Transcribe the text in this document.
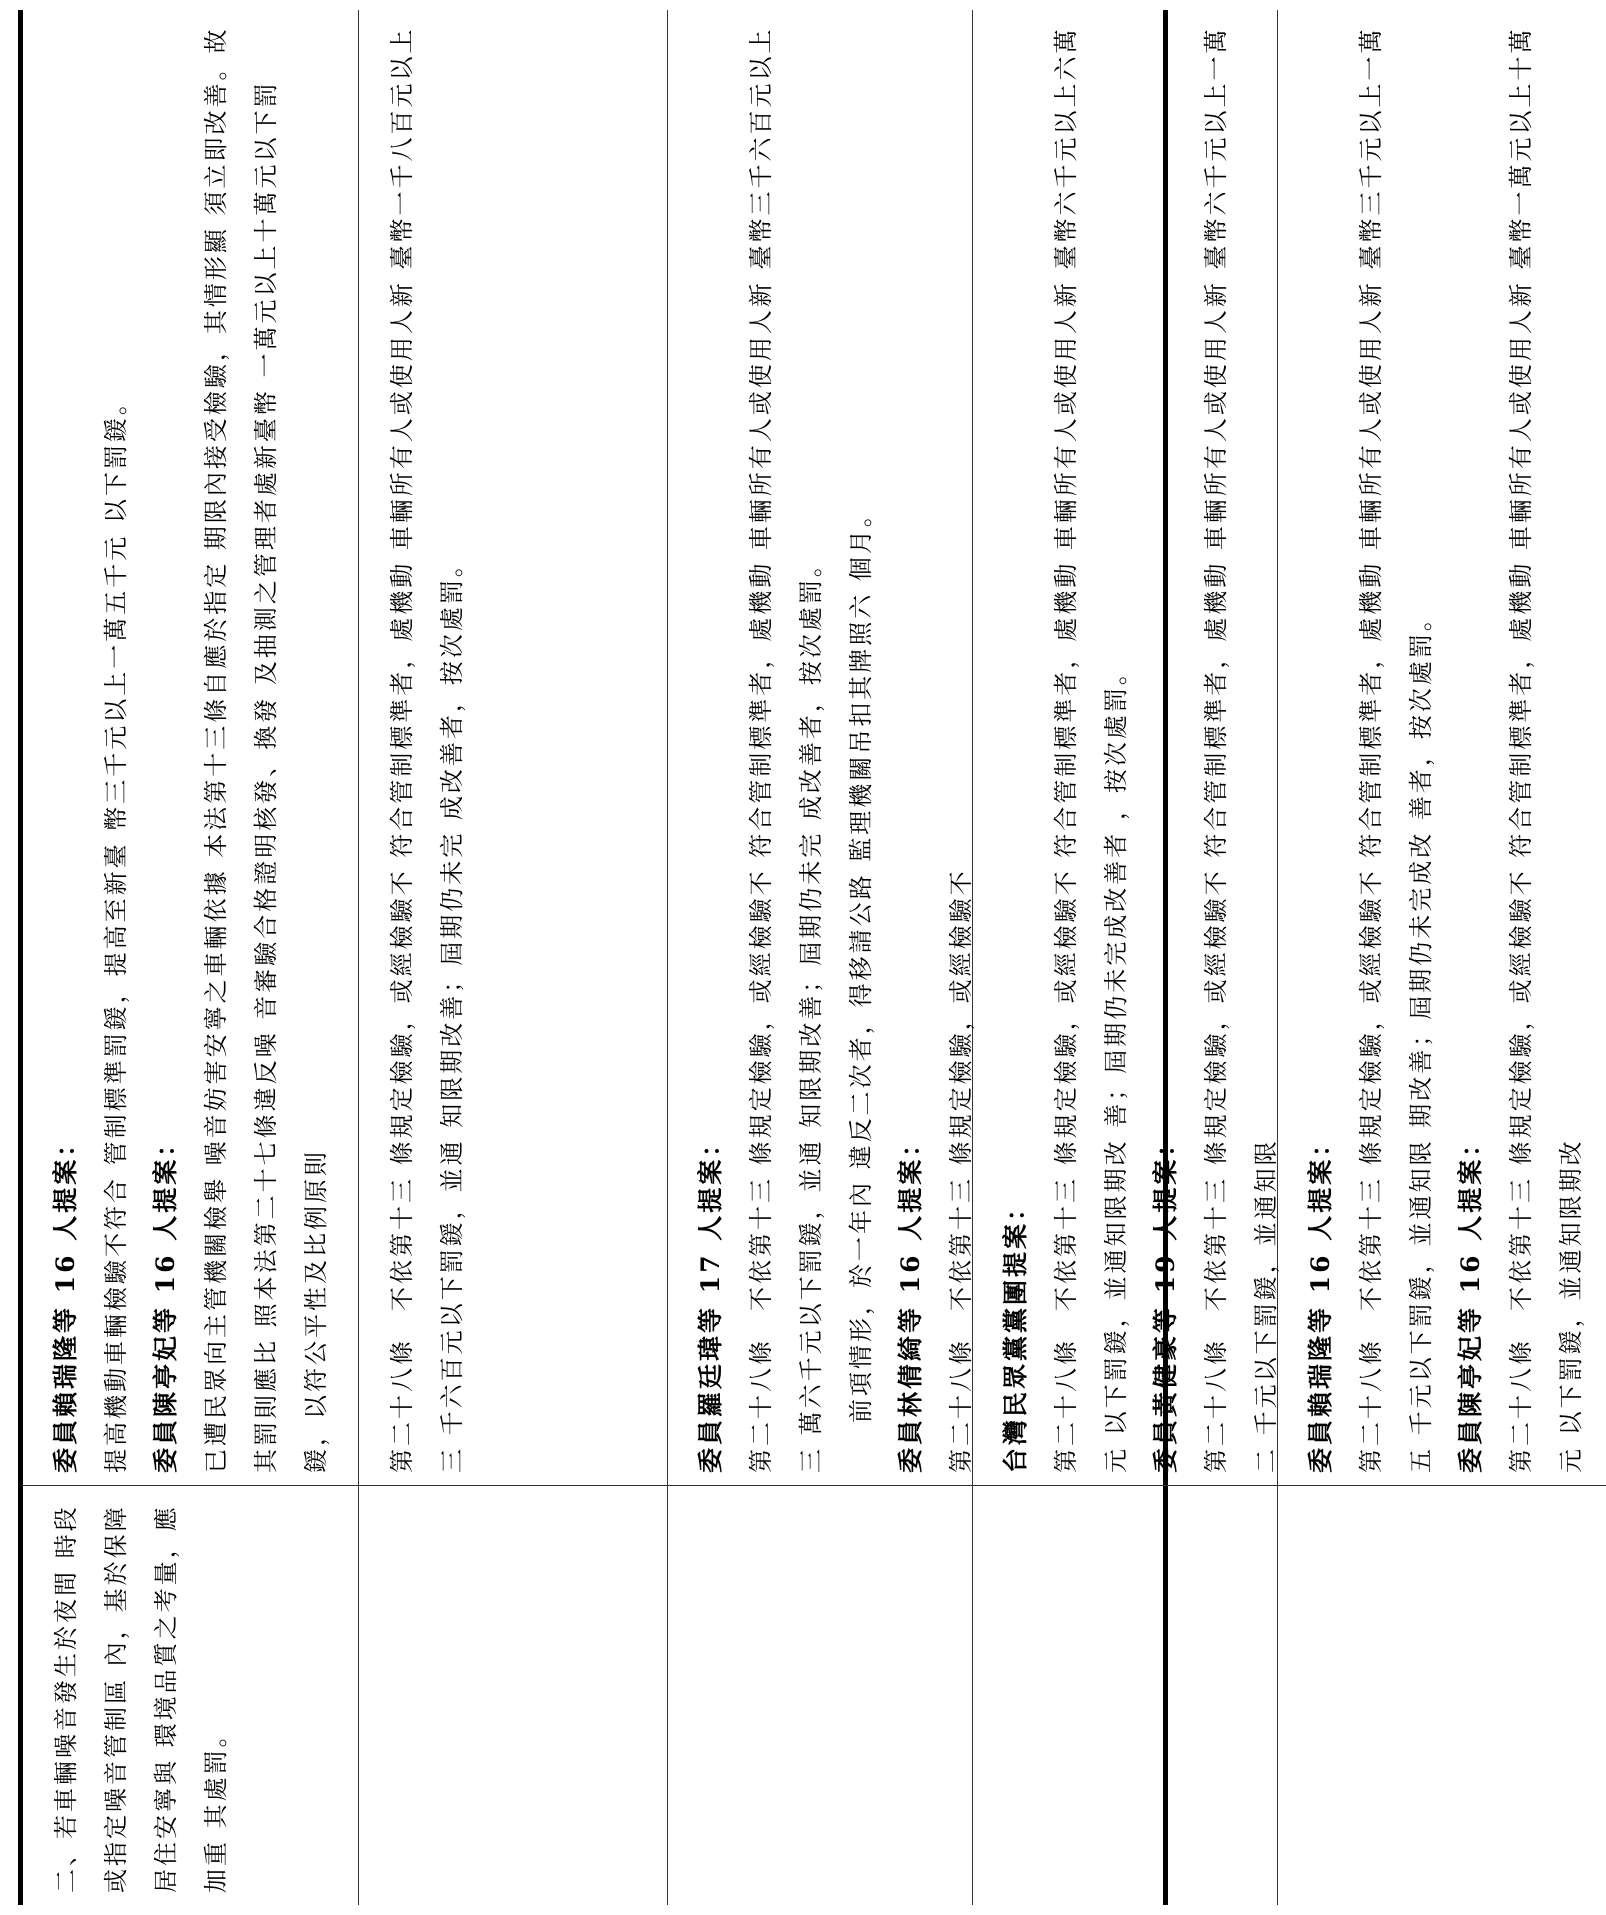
二、若車輛噪音發生於夜間 時段或指定噪音管制區 內，基於保障居住安寧與 環境品質之考量，應加重 其處罰。

委員賴瑞隆等 16 人提案： 提高機動車輛檢驗不符合 管制標準罰鍰，提高至新臺 幣三千元以上一萬五千元 以下罰鍰。

委員陳亭妃等 16 人提案： 已遭民眾向主管機關檢舉 噪音妨害安寧之車輛依據 本法第十三條自應於指定 期限內接受檢驗，其情形顯 須立即改善。故其罰則應比 照本法第二十七條違反噪 音審驗合格證明核發、換發 及抽測之管理者處新臺幣 一萬元以上十萬元以下罰 鍰，以符公平性及比例原則	第二十八條　不依第十三 條規定檢驗，或經檢驗不 符合管制標準者，處機動 車輛所有人或使用人新 臺幣一千八百元以上三 千六百元以下罰鍰，並通 知限期改善；屆期仍未完 成改善者，按次處罰。

委員羅廷瑋等 17 人提案： 第二十八條　不依第十三 條規定檢驗，或經檢驗不 符合管制標準者，處機動 車輛所有人或使用人新 臺幣三千六百元以上三 萬六千元以下罰鍰，並通 知限期改善；屆期仍未完 成改善者，按次處罰。

前項情形，於一年內 違反二次者，得移請公路 監理機關吊扣其牌照六 個月。

委員林倩綺等 16 人提案： 第二十八條　不依第十三 條規定檢驗，或經檢驗不

台灣民眾黨黨團提案： 第二十八條　不依第十三 條規定檢驗，或經檢驗不 符合管制標準者，處機動 車輛所有人或使用人新 臺幣六千元以上六萬元 以下罰鍰，並通知限期改 善；屆期仍未完成改善者 ，按次處罰。

委員黃健豪等 19 人提案： 第二十八條　不依第十三 條規定檢驗，或經檢驗不 符合管制標準者，處機動 車輛所有人或使用人新 臺幣六千元以上一萬二 千元以下罰鍰，並通知限	委員賴瑞隆等 16 人提案： 第二十八條　不依第十三 條規定檢驗，或經檢驗不 符合管制標準者，處機動 車輛所有人或使用人新 臺幣三千元以上一萬五 千元以下罰鍰，並通知限 期改善；屆期仍未完成改 善者，按次處罰。

委員陳亭妃等 16 人提案： 第二十八條　不依第十三 條規定檢驗，或經檢驗不 符合管制標準者，處機動 車輛所有人或使用人新 臺幣一萬元以上十萬元 以下罰鍰，並通知限期改
